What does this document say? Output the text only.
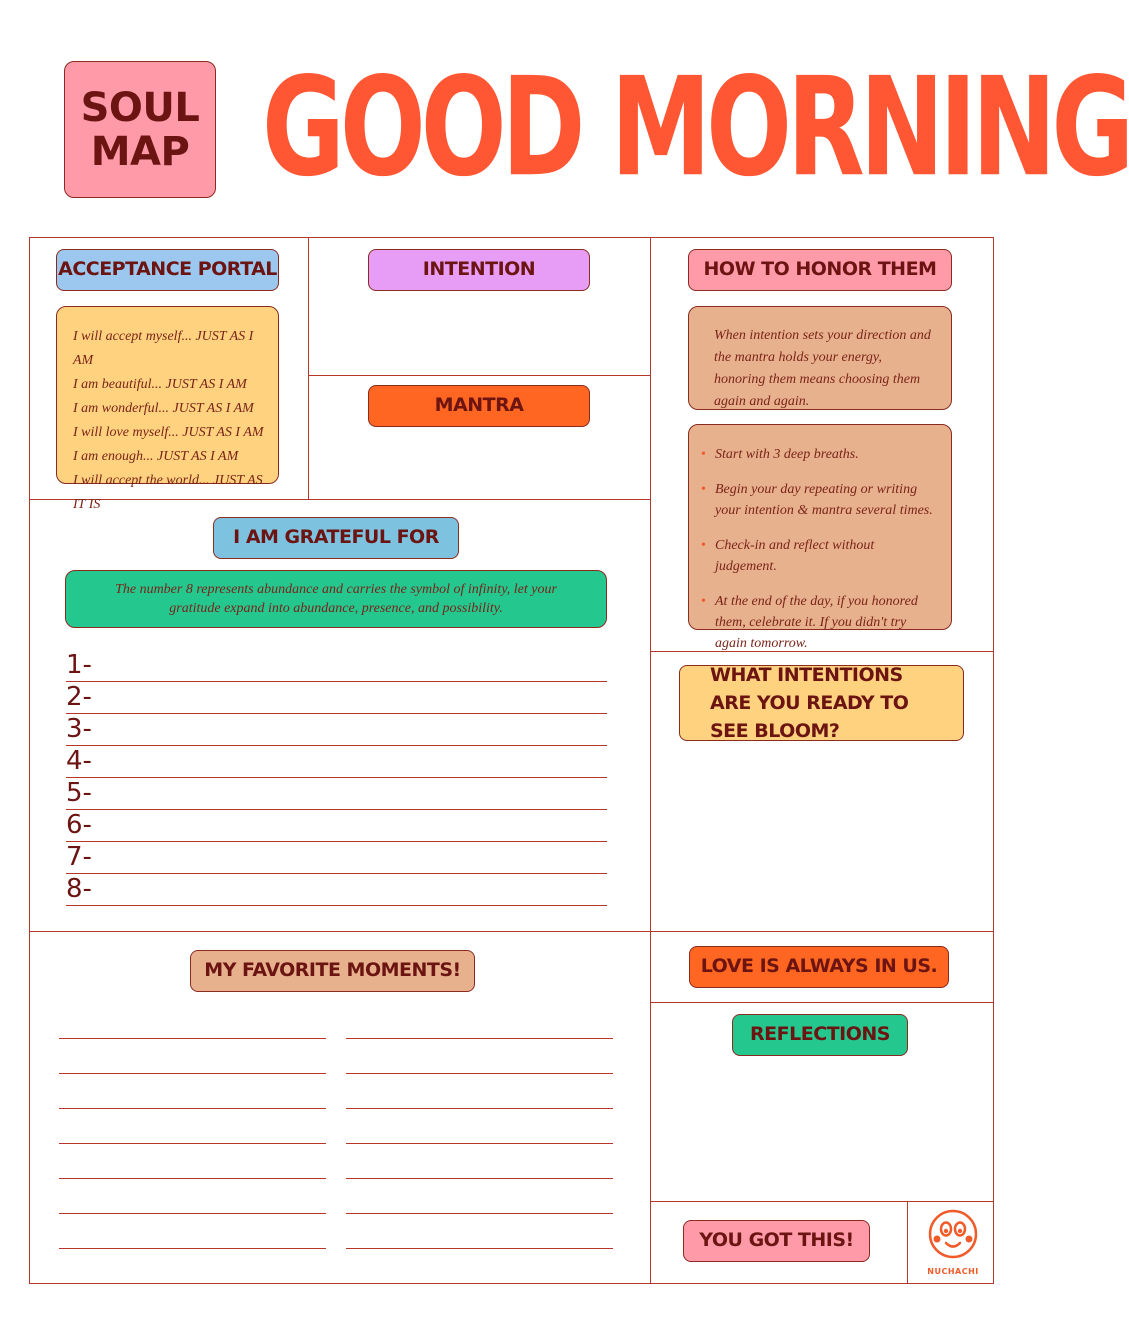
SOUL
MAP GOOD MORNING
ACCEPTANCE PORTAL
I will accept myself... JUST AS I AM
I am beautiful... JUST AS I AM
I am wonderful... JUST AS I AM
I will love myself... JUST AS I AM
I am enough... JUST AS I AM
I will accept the world... JUST AS IT IS
INTENTION
MANTRA
HOW TO HONOR THEM
When intention sets your direction and the mantra holds your energy, honoring them means choosing them again and again.
• Start with 3 deep breaths.
• Begin your day repeating or writing your intention & mantra several times.
• Check-in and reflect without judgement.
• At the end of the day, if you honored them, celebrate it. If you didn't try again tomorrow.
I AM GRATEFUL FOR
The number 8 represents abundance and carries the symbol of infinity, let your gratitude expand into abundance, presence, and possibility.
1-
2-
3-
4-
5-
6-
7-
8-
WHAT INTENTIONS ARE YOU READY TO SEE BLOOM?
MY FAVORITE MOMENTS!	LOVE IS ALWAYS IN US.
REFLECTIONS
YOU GOT THIS!
NUCHACHI
